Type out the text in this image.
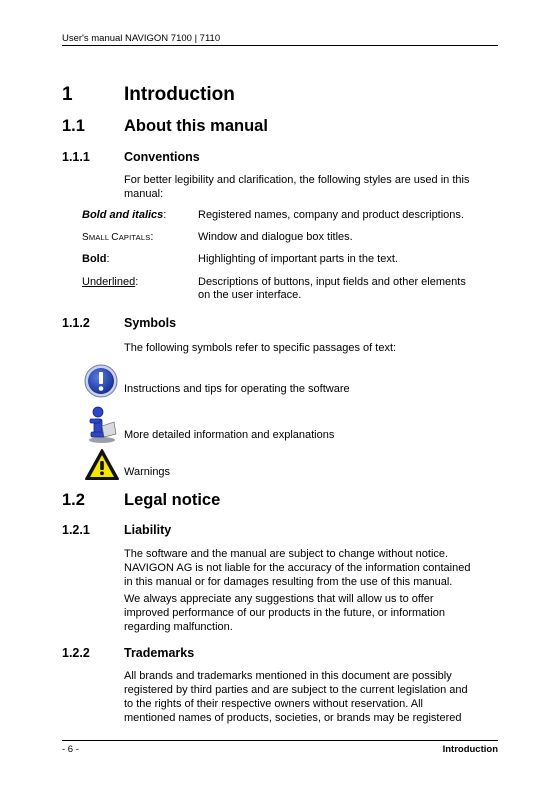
User's manual NAVIGON 7100 | 7110
- 6 -	Introduction
1	Introduction
1.1 About this manual
1.1.1	Conventions
For better legibility and clarification, the following styles are used in this
manual:
Bold and italics:	Registered names, company and product descriptions.
SMALL CAPITALS:	Window and dialogue box titles.
Bold:	Highlighting of important parts in the text.
Underlined:	Descriptions of buttons, input fields and other elements
on the user interface.
1.1.2	Symbols
The following symbols refer to specific passages of text:
Instructions and tips for operating the software
More detailed information and explanations
Warnings
1.2 Legal notice
1.2.1	Liability
The software and the manual are subject to change without notice.
NAVIGON AG is not liable for the accuracy of the information contained
in this manual or for damages resulting from the use of this manual.
We always appreciate any suggestions that will allow us to offer
improved performance of our products in the future, or information
regarding malfunction.
1.2.2	Trademarks
All brands and trademarks mentioned in this document are possibly
registered by third parties and are subject to the current legislation and
to the rights of their respective owners without reservation. All
mentioned names of products, societies, or brands may be registered
